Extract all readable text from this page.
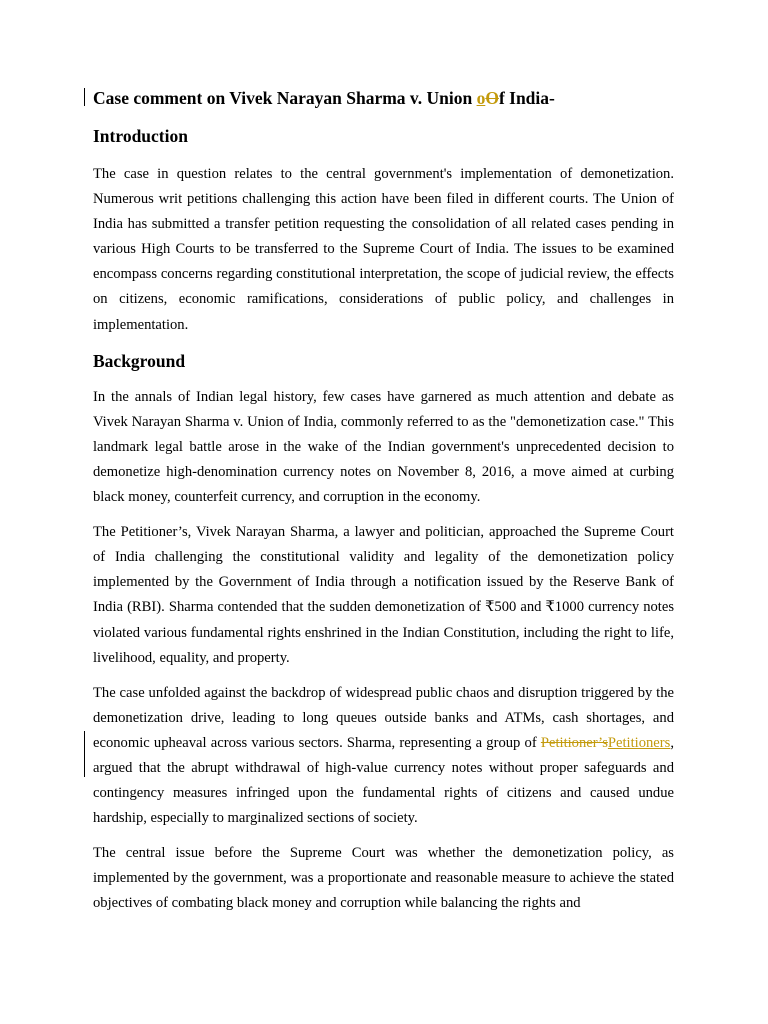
Case comment on Vivek Narayan Sharma v. Union oOf India-
Introduction

The case in question relates to the central government's implementation of demonetization. Numerous writ petitions challenging this action have been filed in different courts. The Union of India has submitted a transfer petition requesting the consolidation of all related cases pending in various High Courts to be transferred to the Supreme Court of India. The issues to be examined encompass concerns regarding constitutional interpretation, the scope of judicial review, the effects on citizens, economic ramifications, considerations of public policy, and challenges in implementation.

Background

In the annals of Indian legal history, few cases have garnered as much attention and debate as Vivek Narayan Sharma v. Union of India, commonly referred to as the "demonetization case." This landmark legal battle arose in the wake of the Indian government's unprecedented decision to demonetize high-denomination currency notes on November 8, 2016, a move aimed at curbing black money, counterfeit currency, and corruption in the economy.

The Petitioner’s, Vivek Narayan Sharma, a lawyer and politician, approached the Supreme Court of India challenging the constitutional validity and legality of the demonetization policy implemented by the Government of India through a notification issued by the Reserve Bank of India (RBI). Sharma contended that the sudden demonetization of ₹500 and ₹1000 currency notes violated various fundamental rights enshrined in the Indian Constitution, including the right to life, livelihood, equality, and property.

The case unfolded against the backdrop of widespread public chaos and disruption triggered by the demonetization drive, leading to long queues outside banks and ATMs, cash shortages, and economic upheaval across various sectors. Sharma, representing a group of Petitioner’sPetitioners, argued that the abrupt withdrawal of high-value currency notes without proper safeguards and contingency measures infringed upon the fundamental rights of citizens and caused undue hardship, especially to marginalized sections of society.

The central issue before the Supreme Court was whether the demonetization policy, as implemented by the government, was a proportionate and reasonable measure to achieve the stated objectives of combating black money and corruption while balancing the rights and
